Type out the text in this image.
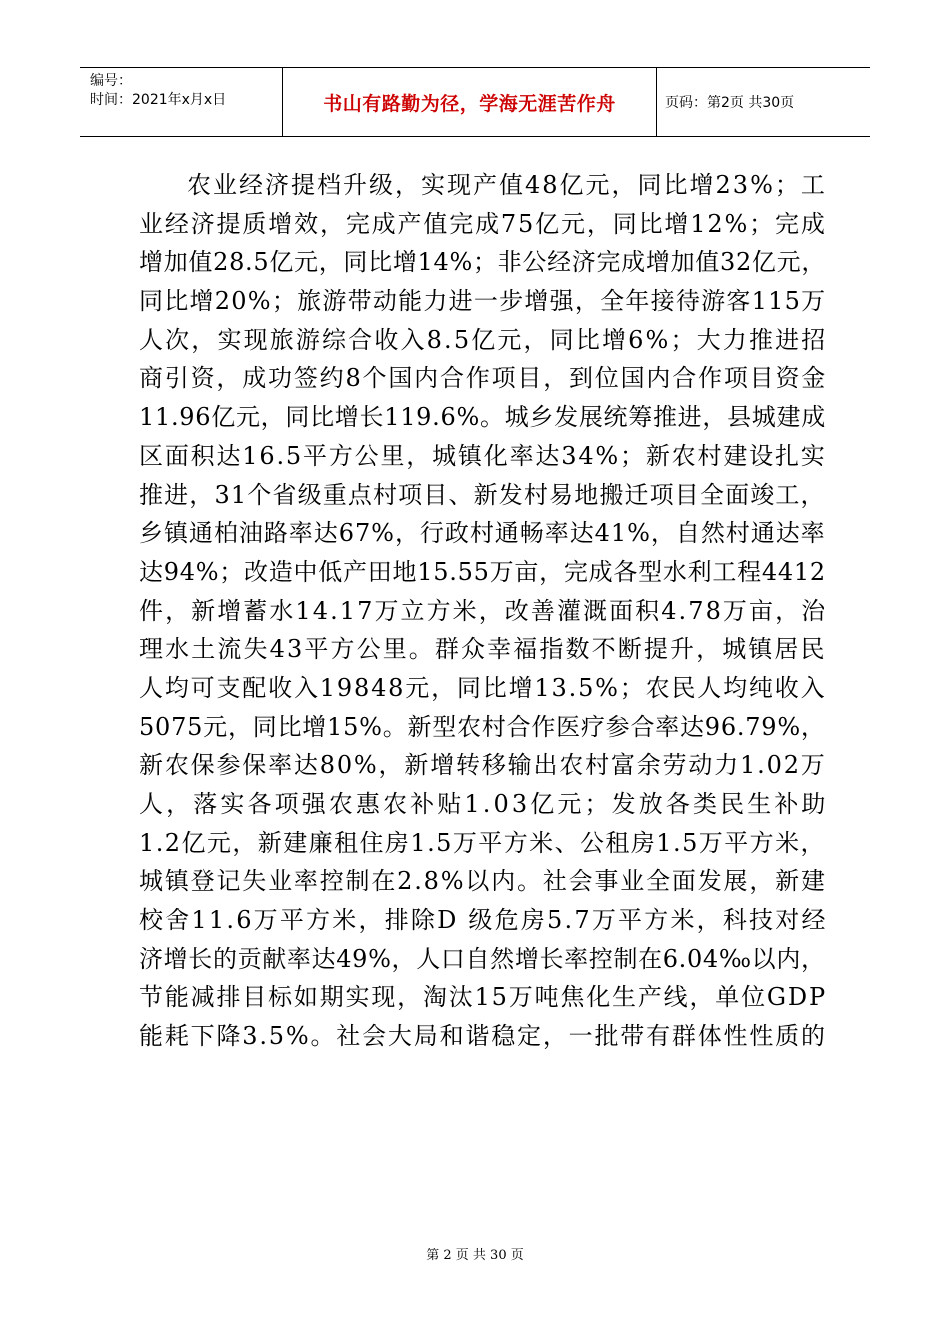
编号：
时间：2021年x月x日	书山有路勤为径，学海无涯苦作舟	页码：第2页 共30页
农业经济提档升级，实现产值48亿元，同比增23%；工
业经济提质增效，完成产值完成75亿元，同比增12%；完成
增加值28.5亿元，同比增14%；非公经济完成增加值32亿元，
同比增20%；旅游带动能力进一步增强，全年接待游客115万
人次，实现旅游综合收入8.5亿元，同比增6%；大力推进招
商引资，成功签约8个国内合作项目，到位国内合作项目资金
11.96亿元，同比增长119.6%。城乡发展统筹推进，县城建成
区面积达16.5平方公里，城镇化率达34%；新农村建设扎实
推进，31个省级重点村项目、新发村易地搬迁项目全面竣工，
乡镇通柏油路率达67%，行政村通畅率达41%，自然村通达率
达94%；改造中低产田地15.55万亩，完成各型水利工程4412
件，新增蓄水14.17万立方米，改善灌溉面积4.78万亩，治
理水土流失43平方公里。群众幸福指数不断提升，城镇居民
人均可支配收入19848元，同比增13.5%；农民人均纯收入
5075元，同比增15%。新型农村合作医疗参合率达96.79%，
新农保参保率达80%，新增转移输出农村富余劳动力1.02万
人，落实各项强农惠农补贴1.03亿元；发放各类民生补助
1.2亿元，新建廉租住房1.5万平方米、公租房1.5万平方米，
城镇登记失业率控制在2.8%以内。社会事业全面发展，新建
校舍11.6万平方米，排除D 级危房5.7万平方米，科技对经
济增长的贡献率达49%，人口自然增长率控制在6.04‰以内，
节能减排目标如期实现，淘汰15万吨焦化生产线，单位GDP
能耗下降3.5%。社会大局和谐稳定，一批带有群体性性质的
第 2 页 共 30 页
